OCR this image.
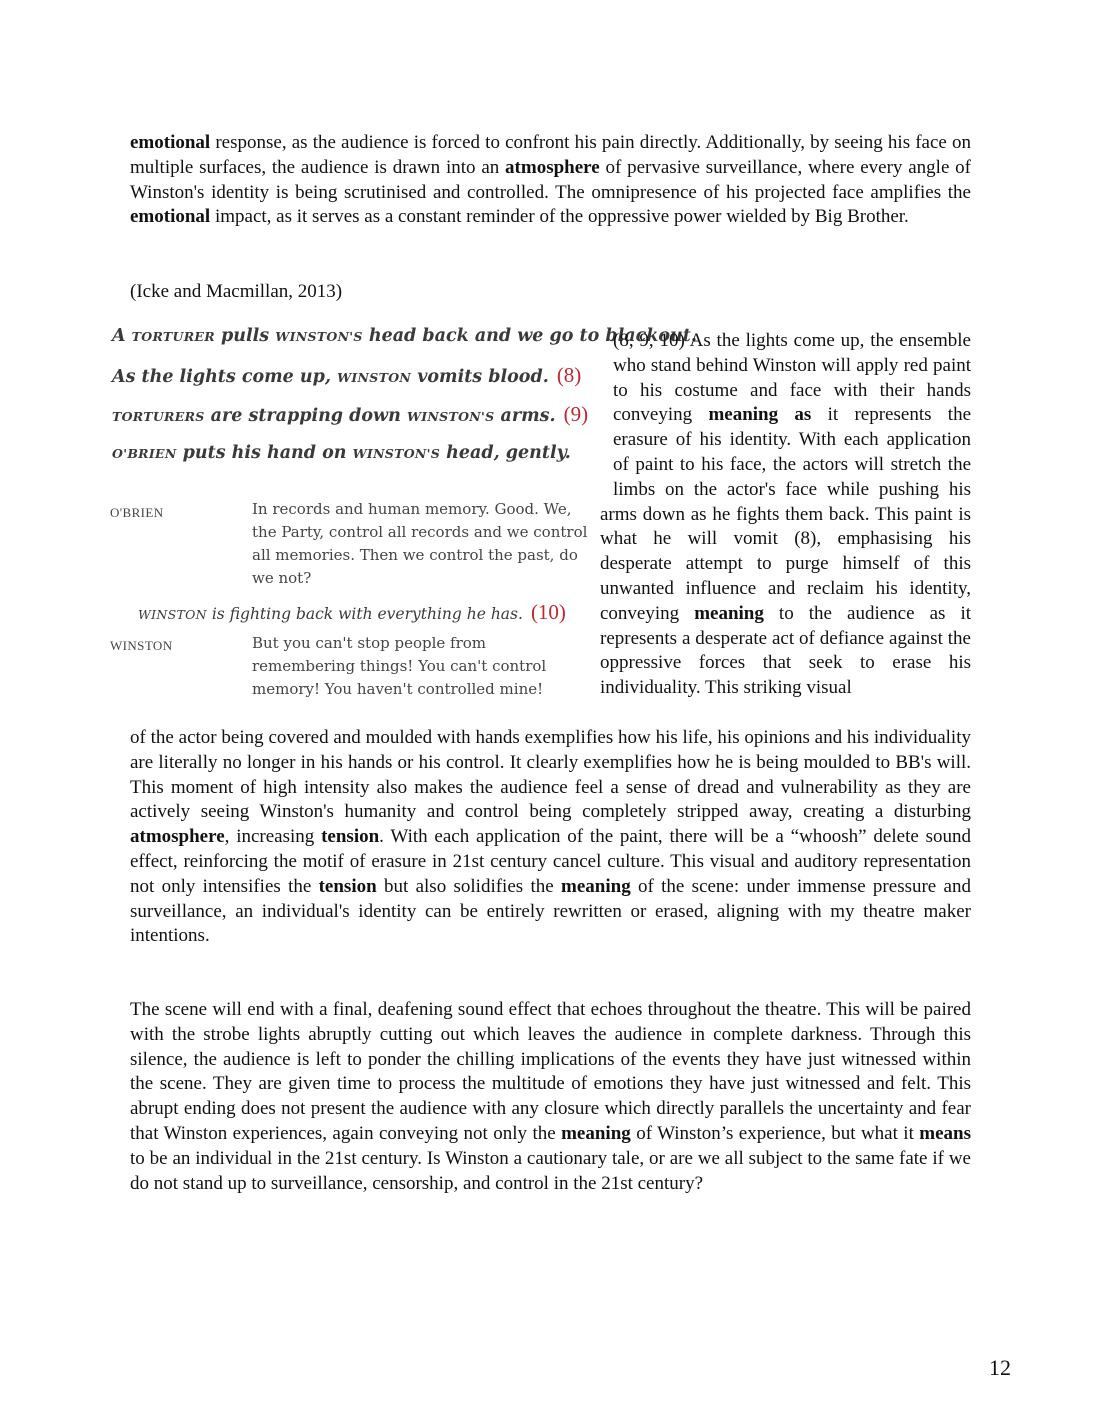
emotional response, as the audience is forced to confront his pain directly. Additionally, by seeing his face on multiple surfaces, the audience is drawn into an atmosphere of pervasive surveillance, where every angle of Winston's identity is being scrutinised and controlled. The omnipresence of his projected face amplifies the emotional impact, as it serves as a constant reminder of the oppressive power wielded by Big Brother.

(Icke and Macmillan, 2013)

A TORTURER pulls WINSTON'S head back and we go to blackout.

As the lights come up, WINSTON vomits blood. (8)

TORTURERS are strapping down WINSTON'S arms. (9)

O'BRIEN puts his hand on WINSTON'S head, gently.

O'BRIEN	In records and human memory. Good. We, the Party, control all records and we control all memories. Then we control the past, do we not?

WINSTON is fighting back with everything he has. (10)

WINSTON	But you can't stop people from remembering things! You can't control memory! You haven't controlled mine!

(8, 9, 10) As the lights come up, the ensemble who stand behind Winston will apply red paint to his costume and face with their hands conveying meaning as it represents the erasure of his identity. With each application of paint to his face, the actors will stretch the limbs on the actor's face while pushing his arms down as he fights them back. This paint is what he will vomit (8), emphasising his desperate attempt to purge himself of this unwanted influence and reclaim his identity, conveying meaning to the audience as it represents a desperate act of defiance against the oppressive forces that seek to erase his individuality. This striking visual

of the actor being covered and moulded with hands exemplifies how his life, his opinions and his individuality are literally no longer in his hands or his control. It clearly exemplifies how he is being moulded to BB's will. This moment of high intensity also makes the audience feel a sense of dread and vulnerability as they are actively seeing Winston's humanity and control being completely stripped away, creating a disturbing atmosphere, increasing tension. With each application of the paint, there will be a “whoosh” delete sound effect, reinforcing the motif of erasure in 21st century cancel culture. This visual and auditory representation not only intensifies the tension but also solidifies the meaning of the scene: under immense pressure and surveillance, an individual's identity can be entirely rewritten or erased, aligning with my theatre maker intentions.

The scene will end with a final, deafening sound effect that echoes throughout the theatre. This will be paired with the strobe lights abruptly cutting out which leaves the audience in complete darkness. Through this silence, the audience is left to ponder the chilling implications of the events they have just witnessed within the scene. They are given time to process the multitude of emotions they have just witnessed and felt. This abrupt ending does not present the audience with any closure which directly parallels the uncertainty and fear that Winston experiences, again conveying not only the meaning of Winston’s experience, but what it means to be an individual in the 21st century. Is Winston a cautionary tale, or are we all subject to the same fate if we do not stand up to surveillance, censorship, and control in the 21st century?

12
